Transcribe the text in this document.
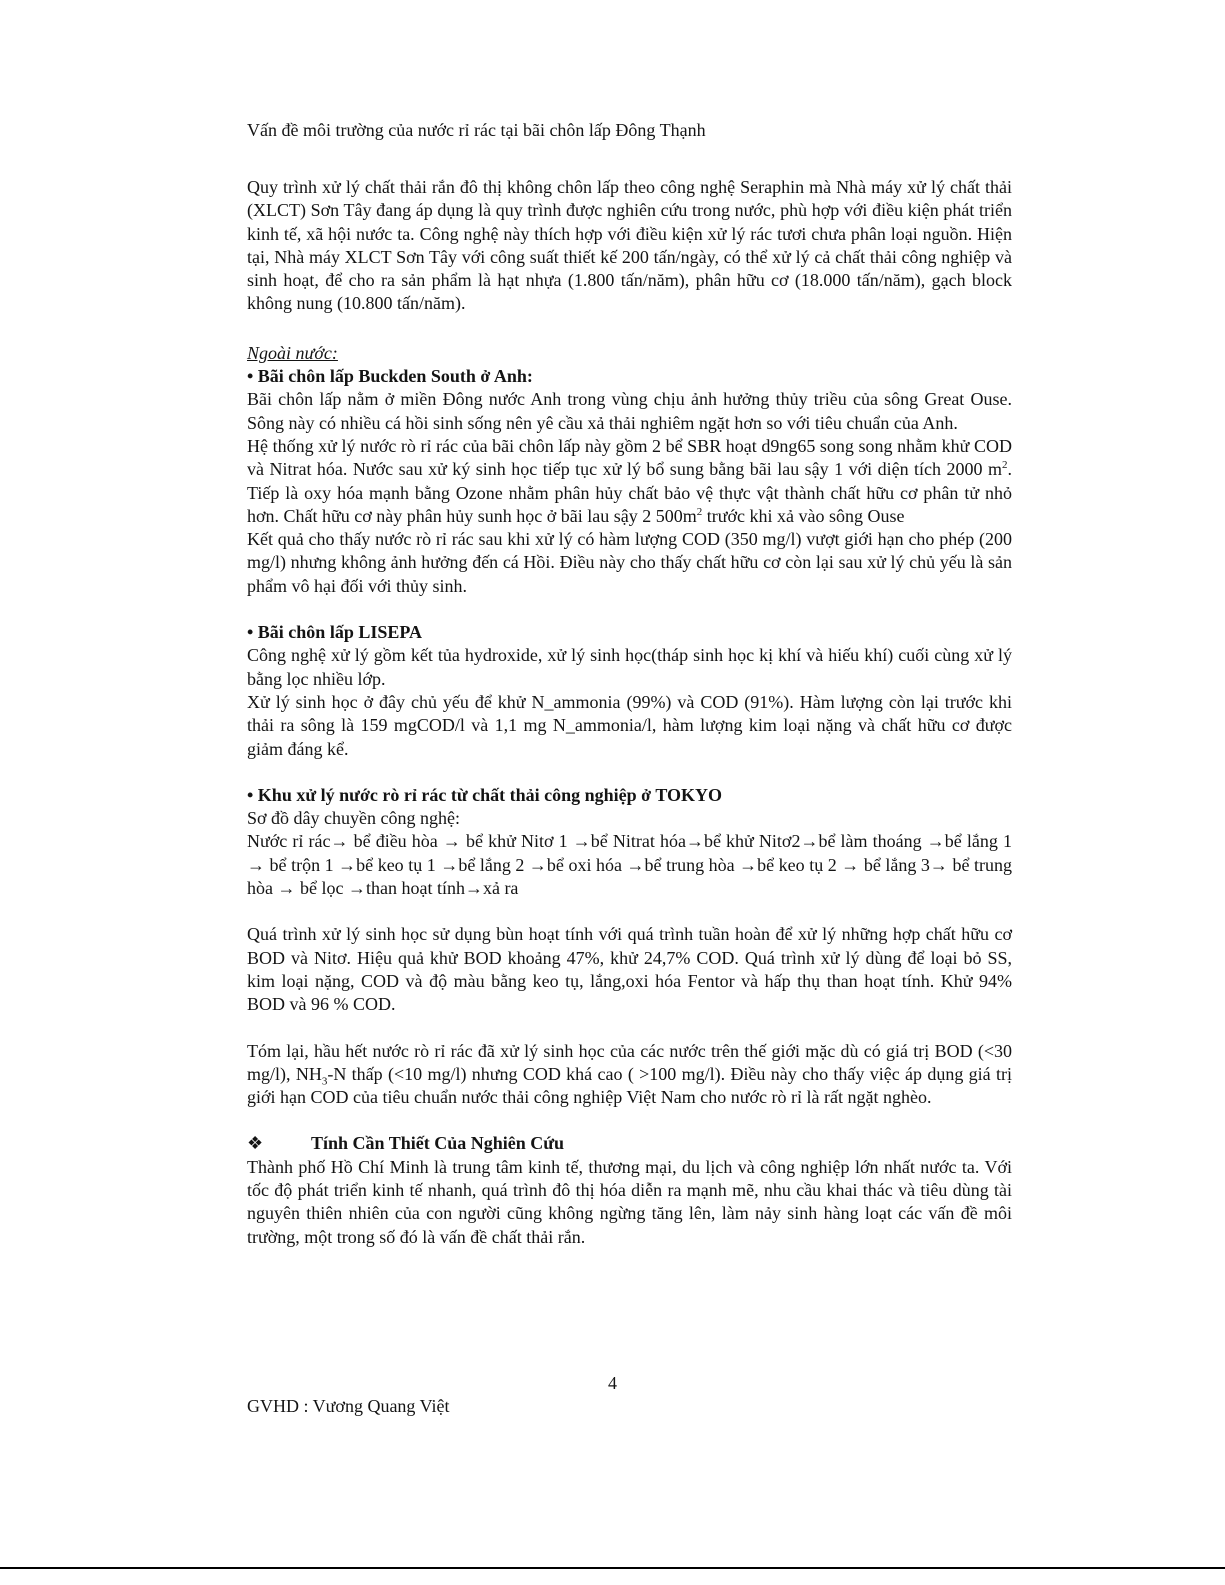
Vấn đề môi trường của nước rỉ rác tại bãi chôn lấp Đông Thạnh

Quy trình xử lý chất thải rắn đô thị không chôn lấp theo công nghệ Seraphin mà Nhà máy xử lý chất thải (XLCT) Sơn Tây đang áp dụng là quy trình được nghiên cứu trong nước, phù hợp với điều kiện phát triển kinh tế, xã hội nước ta. Công nghệ này thích hợp với điều kiện xử lý rác tươi chưa phân loại nguồn. Hiện tại, Nhà máy XLCT Sơn Tây với công suất thiết kế 200 tấn/ngày, có thể xử lý cả chất thải công nghiệp và sinh hoạt, để cho ra sản phẩm là hạt nhựa (1.800 tấn/năm), phân hữu cơ (18.000 tấn/năm), gạch block không nung (10.800 tấn/năm).

Ngoài nước:

• Bãi chôn lấp Buckden South ở Anh:

Bãi chôn lấp nằm ở miền Đông nước Anh trong vùng chịu ảnh hưởng thủy triều của sông Great Ouse. Sông này có nhiều cá hồi sinh sống nên yê cầu xả thải nghiêm ngặt hơn so với tiêu chuẩn của Anh.

Hệ thống xử lý nước rò rỉ rác của bãi chôn lấp này gồm 2 bể SBR hoạt d9ng65 song song nhằm khử COD và Nitrat hóa. Nước sau xử ký sinh học tiếp tục xử lý bổ sung bằng bãi lau sậy 1 với diện tích 2000 $m^2$. Tiếp là oxy hóa mạnh bằng Ozone nhằm phân hủy chất bảo vệ thực vật thành chất hữu cơ phân tử nhỏ hơn. Chất hữu cơ này phân hủy sunh học ở bãi lau sậy 2 $500m^2$ trước khi xả vào sông Ouse

Kết quả cho thấy nước rò rỉ rác sau khi xử lý có hàm lượng COD (350 mg/l) vượt giới hạn cho phép (200 mg/l) nhưng không ảnh hưởng đến cá Hồi. Điều này cho thấy chất hữu cơ còn lại sau xử lý chủ yếu là sản phẩm vô hại đối với thủy sinh.

• Bãi chôn lấp LISEPA

Công nghệ xử lý gồm kết tủa hydroxide, xử lý sinh học(tháp sinh học kị khí và hiếu khí) cuối cùng xử lý bằng lọc nhiều lớp.

Xử lý sinh học ở đây chủ yếu để khử N_ammonia (99%) và COD (91%). Hàm lượng còn lại trước khi thải ra sông là 159 mgCOD/l và 1,1 mg N_ammonia/l, hàm lượng kim loại nặng và chất hữu cơ được giảm đáng kể.

• Khu xử lý nước rò rỉ rác từ chất thải công nghiệp ở TOKYO

Sơ đồ dây chuyền công nghệ:

Nước rỉ rác→ bể điều hòa → bể khử Nitơ 1 →bể Nitrat hóa→bể khử Nitơ2→bể làm thoáng →bể lắng 1 → bể trộn 1 →bể keo tụ 1 →bể lắng 2 →bể oxi hóa →bể trung hòa →bể keo tụ 2 → bể lắng 3→ bể trung hòa → bể lọc →than hoạt tính→xả ra

Quá trình xử lý sinh học sử dụng bùn hoạt tính với quá trình tuần hoàn để xử lý những hợp chất hữu cơ BOD và Nitơ. Hiệu quả khử BOD khoảng 47%, khử 24,7% COD. Quá trình xử lý dùng để loại bỏ SS, kim loại nặng, COD và độ màu bằng keo tụ, lắng,oxi hóa Fentor và hấp thụ than hoạt tính. Khử 94% BOD và 96 % COD.

Tóm lại, hầu hết nước rò rỉ rác đã xử lý sinh học của các nước trên thế giới mặc dù có giá trị BOD (<30 mg/l), $NH_3-N$ thấp (<10 mg/l) nhưng COD khá cao ( >100 mg/l). Điều này cho thấy việc áp dụng giá trị giới hạn COD của tiêu chuẩn nước thải công nghiệp Việt Nam cho nước rò rỉ là rất ngặt nghèo.

❖	Tính Cần Thiết Của Nghiên Cứu

Thành phố Hồ Chí Minh là trung tâm kinh tế, thương mại, du lịch và công nghiệp lớn nhất nước ta. Với tốc độ phát triển kinh tế nhanh, quá trình đô thị hóa diễn ra mạnh mẽ, nhu cầu khai thác và tiêu dùng tài nguyên thiên nhiên của con người cũng không ngừng tăng lên, làm nảy sinh hàng loạt các vấn đề môi trường, một trong số đó là vấn đề chất thải rắn.

4
GVHD : Vương Quang Việt
